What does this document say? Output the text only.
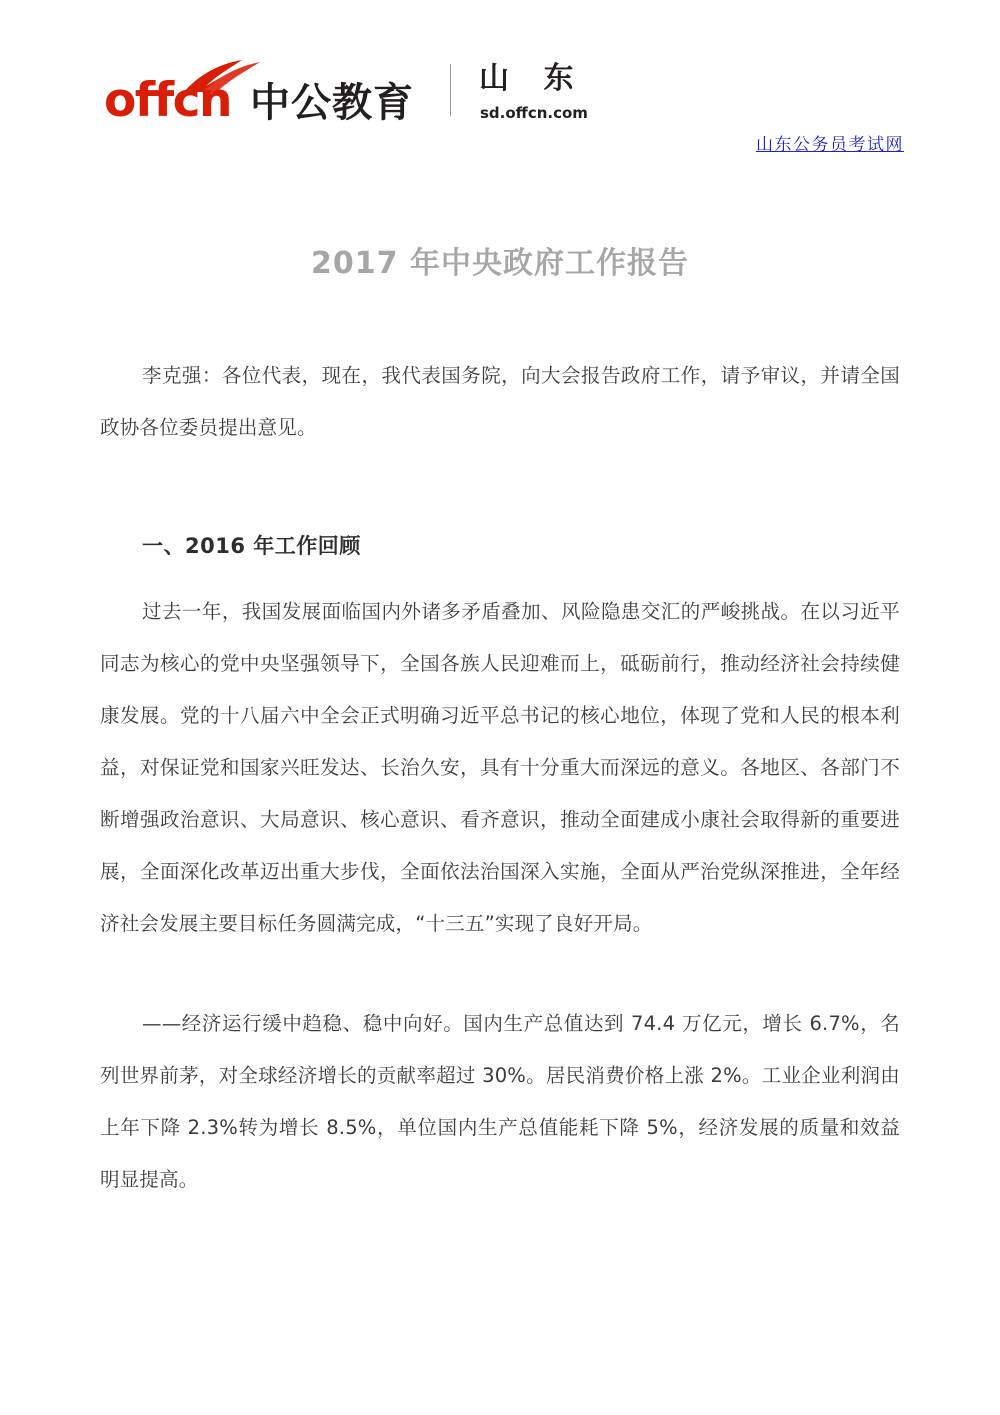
offcn 中公教育
山 东
sd.offcn.com
山东公务员考试网
2017 年中央政府工作报告

李克强：各位代表，现在，我代表国务院，向大会报告政府工作，请予审议，并请全国政协各位委员提出意见。

一、2016 年工作回顾

过去一年，我国发展面临国内外诸多矛盾叠加、风险隐患交汇的严峻挑战。在以习近平同志为核心的党中央坚强领导下，全国各族人民迎难而上，砥砺前行，推动经济社会持续健康发展。党的十八届六中全会正式明确习近平总书记的核心地位，体现了党和人民的根本利益，对保证党和国家兴旺发达、长治久安，具有十分重大而深远的意义。各地区、各部门不断增强政治意识、大局意识、核心意识、看齐意识，推动全面建成小康社会取得新的重要进展，全面深化改革迈出重大步伐，全面依法治国深入实施，全面从严治党纵深推进，全年经济社会发展主要目标任务圆满完成，“十三五”实现了良好开局。

——经济运行缓中趋稳、稳中向好。国内生产总值达到 74.4 万亿元，增长 6.7%，名列世界前茅，对全球经济增长的贡献率超过 30%。居民消费价格上涨 2%。工业企业利润由上年下降 2.3%转为增长 8.5%，单位国内生产总值能耗下降 5%，经济发展的质量和效益明显提高。
